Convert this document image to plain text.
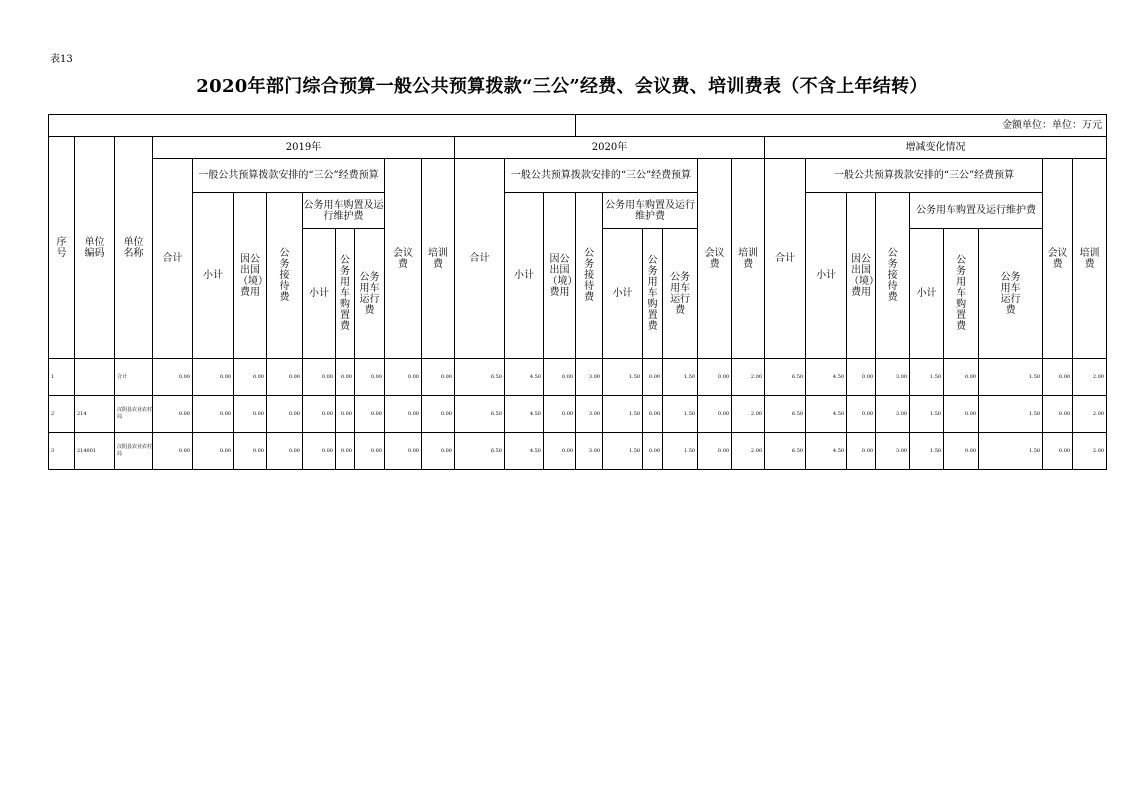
表13
2020年部门综合预算一般公共预算拨款“三公”经费、会议费、培训费表（不含上年结转）
															金额单位：单位：万元														
序号	单位编码	单位名称	2019年									2020年									增减变化情况								
			合计	一般公共预算拨款安排的“三公”经费预算						会议费	培训费	合计	一般公共预算拨款安排的“三公”经费预算						会议费	培训费	合计	一般公共预算拨款安排的“三公”经费预算						会议费	培训费
				小计	因公出国（境）费用	公务接待费	公务用车购置及运行维护费						小计	因公出国（境）费用	公务接待费	公务用车购置及运行维护费						小计	因公出国（境）费用	公务接待费	公务用车购置及运行维护费				
							小计	公务用车购置费	公务用车运行费							小计	公务用车购置费	公务用车运行费							小计	公务用车购置费	公务用车运行费		
1		合计	0.00	0.00	0.00	0.00	0.00	0.00	0.00	0.00	0.00	6.50	4.50	0.00	3.00	1.50	0.00	1.50	0.00	2.00	6.50	4.50	0.00	3.00	1.50	0.00	1.50	0.00	2.00
2	214	汉阴县农业农村局	0.00	0.00	0.00	0.00	0.00	0.00	0.00	0.00	0.00	6.50	4.50	0.00	3.00	1.50	0.00	1.50	0.00	2.00	6.50	4.50	0.00	3.00	1.50	0.00	1.50	0.00	2.00
3	214001	汉阴县农业农村局	0.00	0.00	0.00	0.00	0.00	0.00	0.00	0.00	0.00	6.50	4.50	0.00	3.00	1.50	0.00	1.50	0.00	2.00	6.50	4.50	0.00	3.00	1.50	0.00	1.50	0.00	2.00
